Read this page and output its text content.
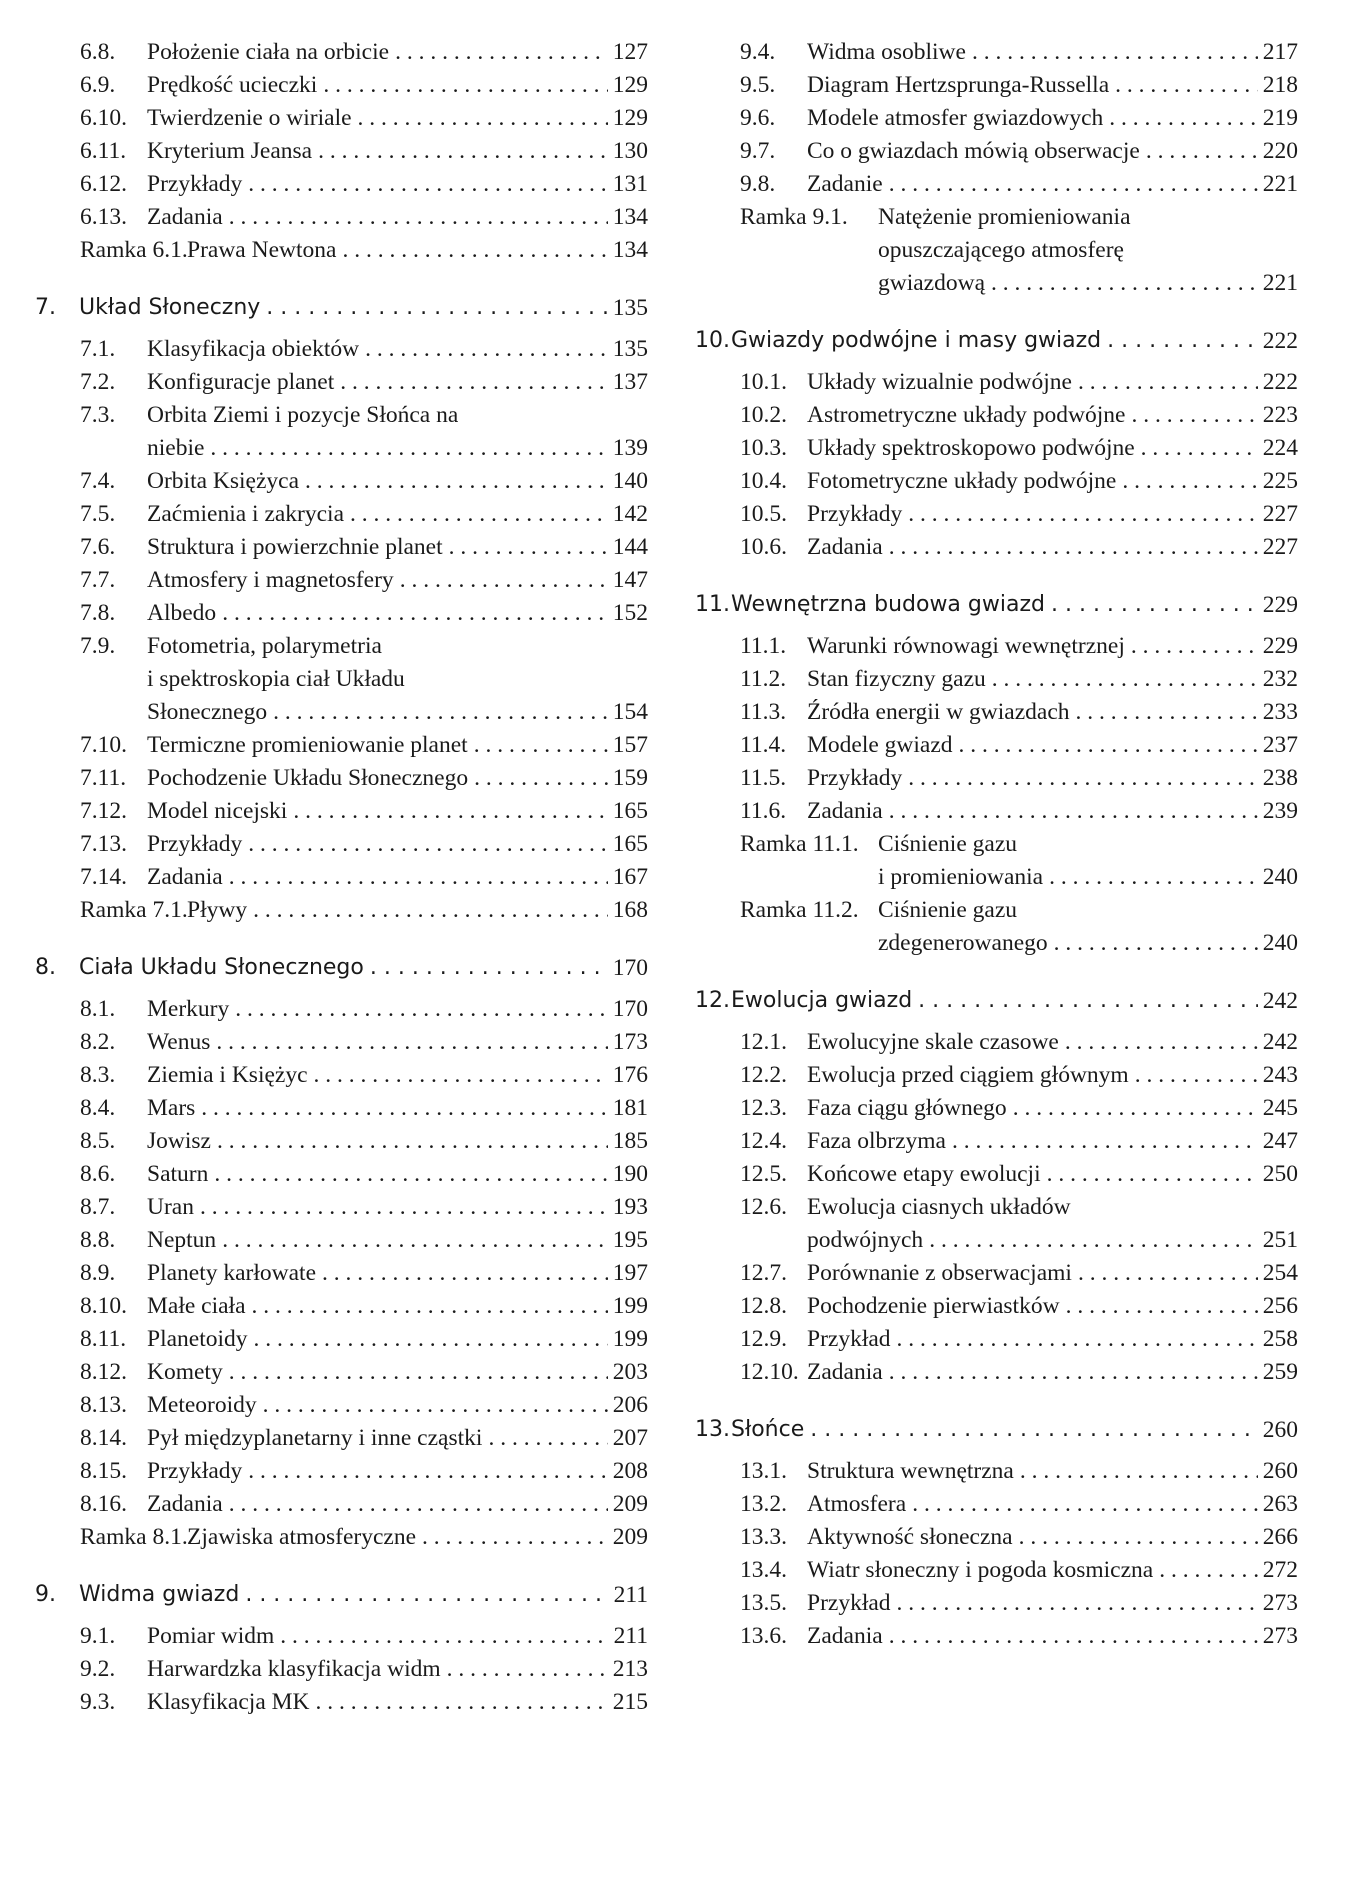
6.8. Położenie ciała na orbicie . . .	127
6.9. Prędkość ucieczki . . .	129
6.10. Twierdzenie o wiriale . . .	129
6.11. Kryterium Jeansa . . .	130
6.12. Przykłady . . .	131
6.13. Zadania . . .	134
Ramka 6.1. Prawa Newtona . . .	134
7. Układ Słoneczny . . .	135
7.1. Klasyfikacja obiektów . . .	135
7.2. Konfiguracje planet . . .	137
7.3. Orbita Ziemi i pozycje Słońca na
niebie . . .	139
7.4. Orbita Księżyca . . .	140
7.5. Zaćmienia i zakrycia . . .	142
7.6. Struktura i powierzchnie planet . . .	144
7.7. Atmosfery i magnetosfery . . .	147
7.8. Albedo . . .	152
7.9. Fotometria, polarymetria
i spektroskopia ciał Układu
Słonecznego . . .	154
7.10. Termiczne promieniowanie planet . . .	157
7.11. Pochodzenie Układu Słonecznego . . .	159
7.12. Model nicejski . . .	165
7.13. Przykłady . . .	165
7.14. Zadania . . .	167
Ramka 7.1. Pływy . . .	168
8. Ciała Układu Słonecznego . . .	170
8.1. Merkury . . .	170
8.2. Wenus . . .	173
8.3. Ziemia i Księżyc . . .	176
8.4. Mars . . .	181
8.5. Jowisz . . .	185
8.6. Saturn . . .	190
8.7. Uran . . .	193
8.8. Neptun . . .	195
8.9. Planety karłowate . . .	197
8.10. Małe ciała . . .	199
8.11. Planetoidy . . .	199
8.12. Komety . . .	203
8.13. Meteoroidy . . .	206
8.14. Pył międzyplanetarny i inne cząstki . . .	207
8.15. Przykłady . . .	208
8.16. Zadania . . .	209
Ramka 8.1. Zjawiska atmosferyczne . . .	209
9. Widma gwiazd . . .	211
9.1. Pomiar widm . . .	211
9.2. Harwardzka klasyfikacja widm . . .	213
9.3. Klasyfikacja MK . . .	215
9.4. Widma osobliwe . . .	217
9.5. Diagram Hertzsprunga-Russella . . .	218
9.6. Modele atmosfer gwiazdowych . . .	219
9.7. Co o gwiazdach mówią obserwacje . . .	220
9.8. Zadanie . . .	221
Ramka 9.1. Natężenie promieniowania
opuszczającego atmosferę
gwiazdową . . .	221
10. Gwiazdy podwójne i masy gwiazd . . .	222
10.1. Układy wizualnie podwójne . . .	222
10.2. Astrometryczne układy podwójne . . .	223
10.3. Układy spektroskopowo podwójne . . .	224
10.4. Fotometryczne układy podwójne . . .	225
10.5. Przykłady . . .	227
10.6. Zadania . . .	227
11. Wewnętrzna budowa gwiazd . . .	229
11.1. Warunki równowagi wewnętrznej . . .	229
11.2. Stan fizyczny gazu . . .	232
11.3. Źródła energii w gwiazdach . . .	233
11.4. Modele gwiazd . . .	237
11.5. Przykłady . . .	238
11.6. Zadania . . .	239
Ramka 11.1. Ciśnienie gazu
i promieniowania . . .	240
Ramka 11.2. Ciśnienie gazu
zdegenerowanego . . .	240
12. Ewolucja gwiazd . . .	242
12.1. Ewolucyjne skale czasowe . . .	242
12.2. Ewolucja przed ciągiem głównym . . .	243
12.3. Faza ciągu głównego . . .	245
12.4. Faza olbrzyma . . .	247
12.5. Końcowe etapy ewolucji . . .	250
12.6. Ewolucja ciasnych układów
podwójnych . . .	251
12.7. Porównanie z obserwacjami . . .	254
12.8. Pochodzenie pierwiastków . . .	256
12.9. Przykład . . .	258
12.10. Zadania . . .	259
13. Słońce . . .	260
13.1. Struktura wewnętrzna . . .	260
13.2. Atmosfera . . .	263
13.3. Aktywność słoneczna . . .	266
13.4. Wiatr słoneczny i pogoda kosmiczna . . .	272
13.5. Przykład . . .	273
13.6. Zadania . . .	273
